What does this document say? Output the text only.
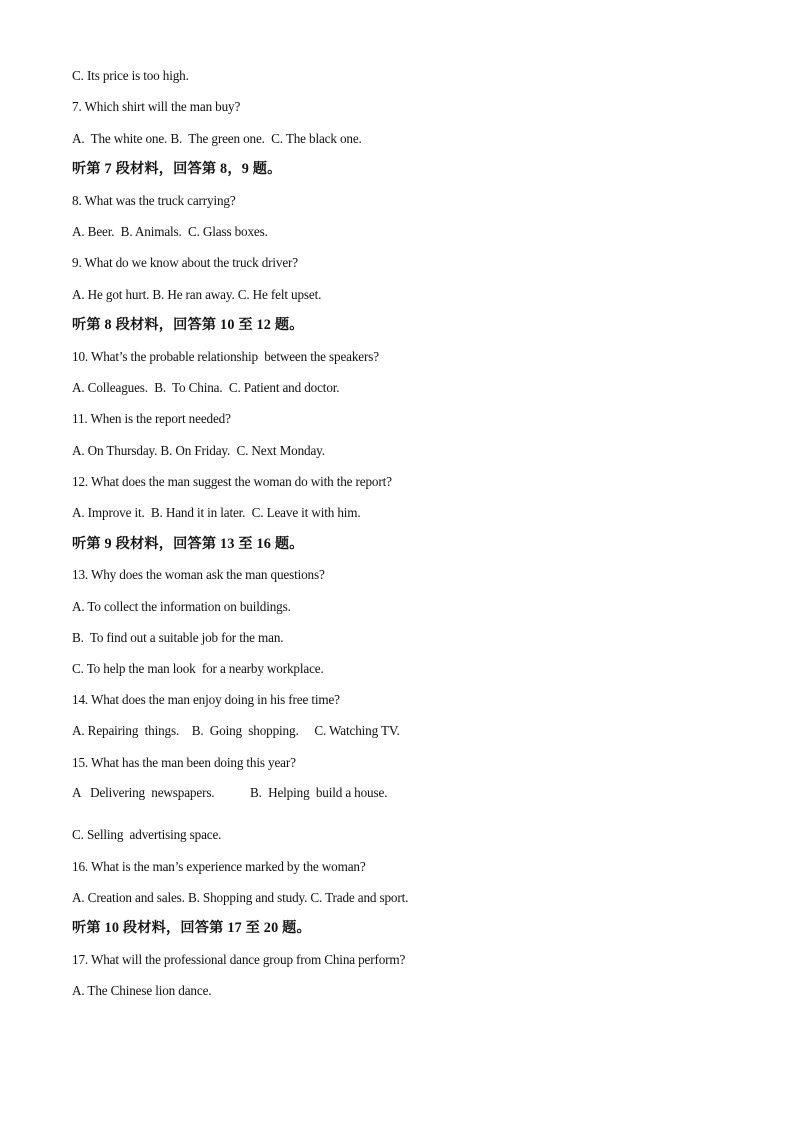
C. Its price is too high.
7. Which shirt will the man buy?
A.  The white one. B.  The green one.  C. The black one.
听第 7 段材料，回答第 8，9 题。
8. What was the truck carrying?
A. Beer.  B. Animals.  C. Glass boxes.
9. What do we know about the truck driver?
A. He got hurt. B. He ran away. C. He felt upset.
听第 8 段材料，回答第 10 至 12 题。
10. What’s the probable relationship  between the speakers?
A. Colleagues.  B.  To China.  C. Patient and doctor.
11. When is the report needed?
A. On Thursday. B. On Friday.  C. Next Monday.
12. What does the man suggest the woman do with the report?
A. Improve it.  B. Hand it in later.  C. Leave it with him.
听第 9 段材料，回答第 13 至 16 题。
13. Why does the woman ask the man questions?
A. To collect the information on buildings.
B.  To find out a suitable job for the man.
C. To help the man look  for a nearby workplace.
14. What does the man enjoy doing in his free time?
A. Repairing  things.    B.  Going  shopping.     C. Watching TV.
15. What has the man been doing this year?
A   Delivering  newspapers.	B.  Helping  build a house.
C. Selling  advertising space.
16. What is the man’s experience marked by the woman?
A. Creation and sales. B. Shopping and study. C. Trade and sport.
听第 10 段材料，回答第 17 至 20 题。
17. What will the professional dance group from China perform?
A. The Chinese lion dance.
